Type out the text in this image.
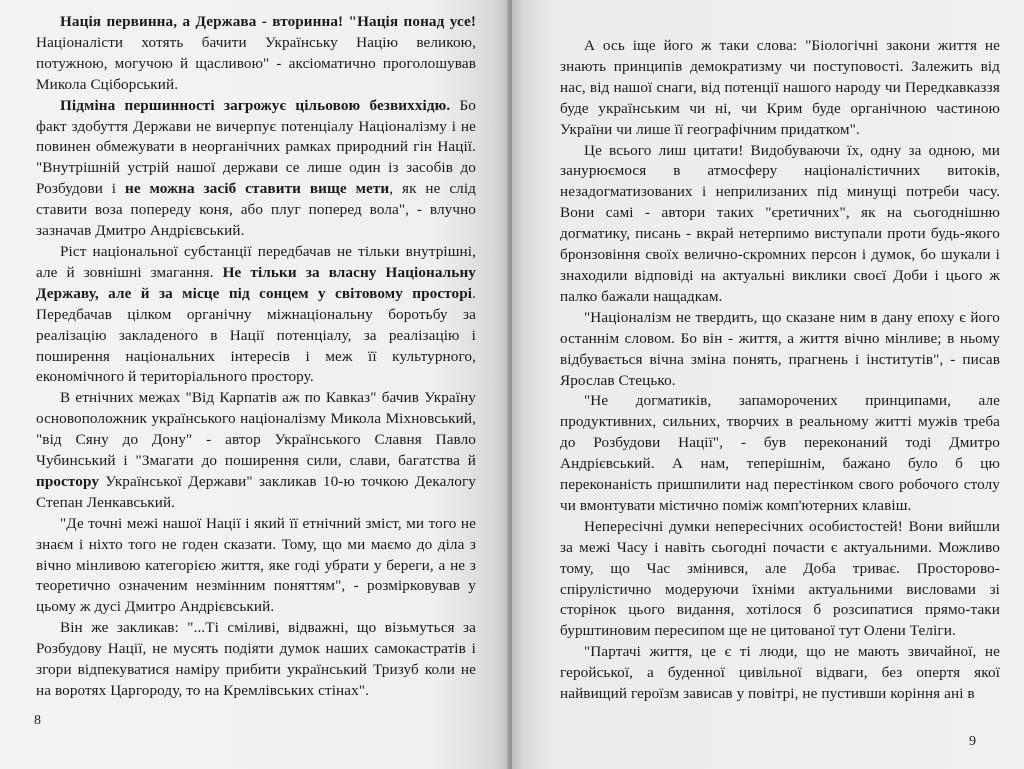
Нація первинна, а Держава - вторинна! "Нація понад усе! Націоналісти хотять бачити Українську Націю великою, потужною, могучою й щасливою" - аксіоматично проголошував Микола Сціборський.

Підміна першинності загрожує цільовою безвиххідю. Бо факт здобуття Держави не вичерпує потенціалу Націоналізму і не повинен обмежувати в неорганічних рамках природний гін Нації. "Внутрішній устрій нашої держави се лише один із засобів до Розбудови і не можна засіб ставити вище мети, як не слід ставити воза попереду коня, або плуг поперед вола", - влучно зазначав Дмитро Андрієвський.

Ріст національної субстанції передбачав не тільки внутрішні, але й зовнішні змагання. Не тільки за власну Національну Державу, але й за місце під сонцем у світовому просторі. Передбачав цілком органічну міжнаціональну боротьбу за реалізацію закладеного в Нації потенціалу, за реалізацію і поширення національних інтересів і меж її культурного, економічного й територіального простору.

В етнічних межах "Від Карпатів аж по Кавказ" бачив Україну основоположник українського націоналізму Микола Міхновський, "від Сяну до Дону" - автор Українського Славня Павло Чубинський і "Змагати до поширення сили, слави, багатства й простору Української Держави" закликав 10-ю точкою Декалогу Степан Ленкавський.

"Де точні межі нашої Нації і який її етнічний зміст, ми того не знаєм і ніхто того не годен сказати. Тому, що ми маємо до діла з вічно мінливою категорією життя, яке годі убрати у береги, а не з теоретично означеним незмінним поняттям", - розмірковував у цьому ж дусі Дмитро Андрієвський.

Він же закликав: "...Ті сміливі, відважні, що візьмуться за Розбудову Нації, не мусять подіяти думок наших самокастратів і згори відпекуватися наміру прибити український Тризуб коли не на воротях Царгороду, то на Кремлівських стінах".

8

А ось іще його ж таки слова: "Біологічні закони життя не знають принципів демократизму чи поступовості. Залежить від нас, від нашої снаги, від потенції нашого народу чи Передкавказзя буде українським чи ні, чи Крим буде органічною частиною України чи лише її географічним придатком".

Це всього лиш цитати! Видобуваючи їх, одну за одною, ми занурюємося в атмосферу націоналістичних витоків, незадогматизованих і неприлизаних під минущі потреби часу. Вони самі - автори таких "єретичних", як на сьогоднішню догматику, писань - вкрай нетерпимо виступали проти будь-якого бронзовіння своїх величнo-скромних персон і думок, бо шукали і знаходили відповіді на актуальні виклики своєї Доби і цього ж палко бажали нащадкам.

"Націоналізм не твердить, що сказане ним в дану епоху є його останнім словом. Бо він - життя, а життя вічно мінливе; в ньому відбувається вічна зміна понять, прагнень і інститутів", - писав Ярослав Стецько.

"Не догматиків, запаморочених принципами, але продуктивних, сильних, творчих в реальному житті мужів треба до Розбудови Нації", - був переконаний тоді Дмитро Андрієвський. А нам, теперішнім, бажано було б цю переконаність пришпилити над перестінком свого робочого столу чи вмонтувати містично поміж комп'ютерних клавіш.

Непересічні думки непересічних особистостей! Вони вийшли за межі Часу і навіть сьогодні почасти є актуальними. Можливо тому, що Час змінився, але Доба триває. Просторово-спірулістично модеруючи їхніми актуальними висловами зі сторінок цього видання, хотілося б розсипатися прямо-таки бурштиновим пересипом ще не цитованої тут Олени Теліги.

"Партачі життя, це є ті люди, що не мають звичайної, не геройської, а буденної цивільної відваги, без опертя якої найвищий героїзм зависав у повітрі, не пустивши коріння ані в

9
